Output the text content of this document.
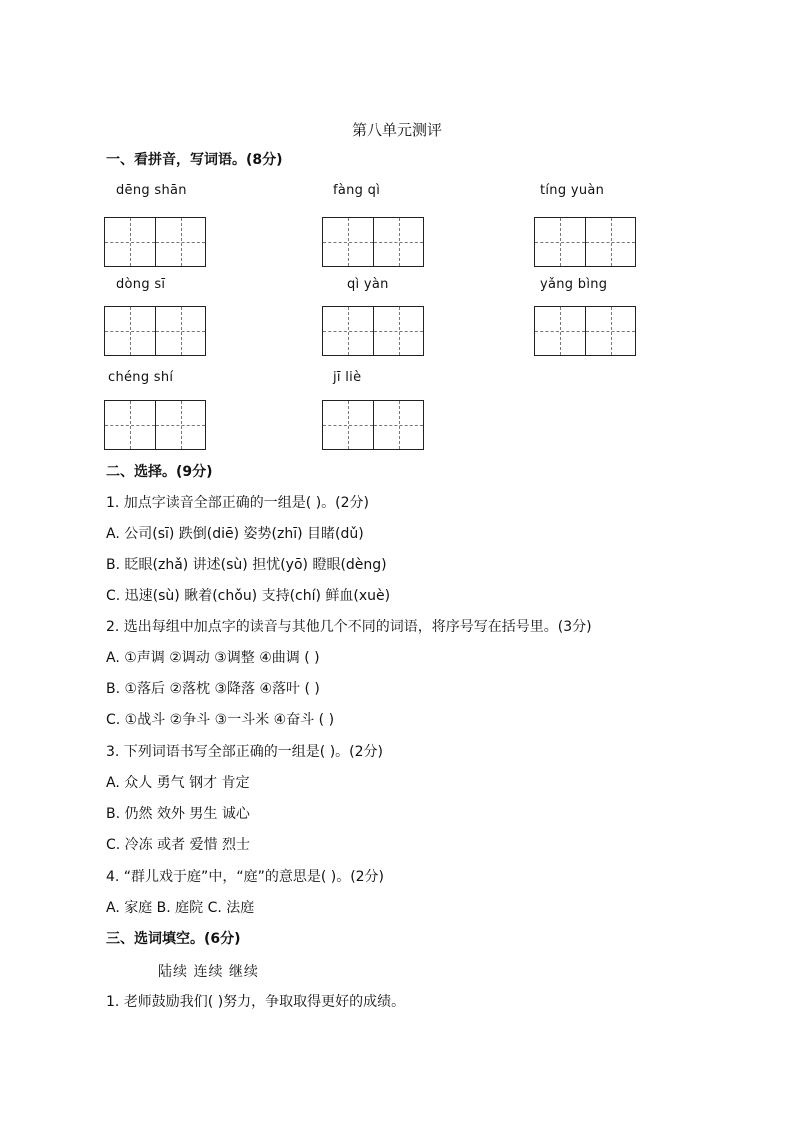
第八单元测评
一、看拼音，写词语。(8分)
dēng shān	fàng qì	tíng yuàn
dòng sī	qì yàn	yǎng bìng
chéng shí	jī liè
二、选择。(9分)
1. 加点字读音全部正确的一组是( )。(2分)
A. 公司(sī) 跌倒(diē) 姿势(zhī) 目睹(dǔ)
B. 眨眼(zhǎ) 讲述(sù) 担忧(yō) 瞪眼(dèng)
C. 迅速(sù) 瞅着(chǒu) 支持(chí) 鲜血(xuè)
2. 选出每组中加点字的读音与其他几个不同的词语，将序号写在括号里。(3分)
A. ①声调 ②调动 ③调整 ④曲调 ( )
B. ①落后 ②落枕 ③降落 ④落叶 ( )
C. ①战斗 ②争斗 ③一斗米 ④奋斗 ( )
3. 下列词语书写全部正确的一组是( )。(2分)
A. 众人 勇气 钢才 肯定
B. 仍然 效外 男生 诚心
C. 冷冻 或者 爱惜 烈士
4. “群儿戏于庭”中，“庭”的意思是( )。(2分)
A. 家庭 B. 庭院 C. 法庭
三、选词填空。(6分)
陆续 连续 继续
1. 老师鼓励我们( )努力，争取取得更好的成绩。
